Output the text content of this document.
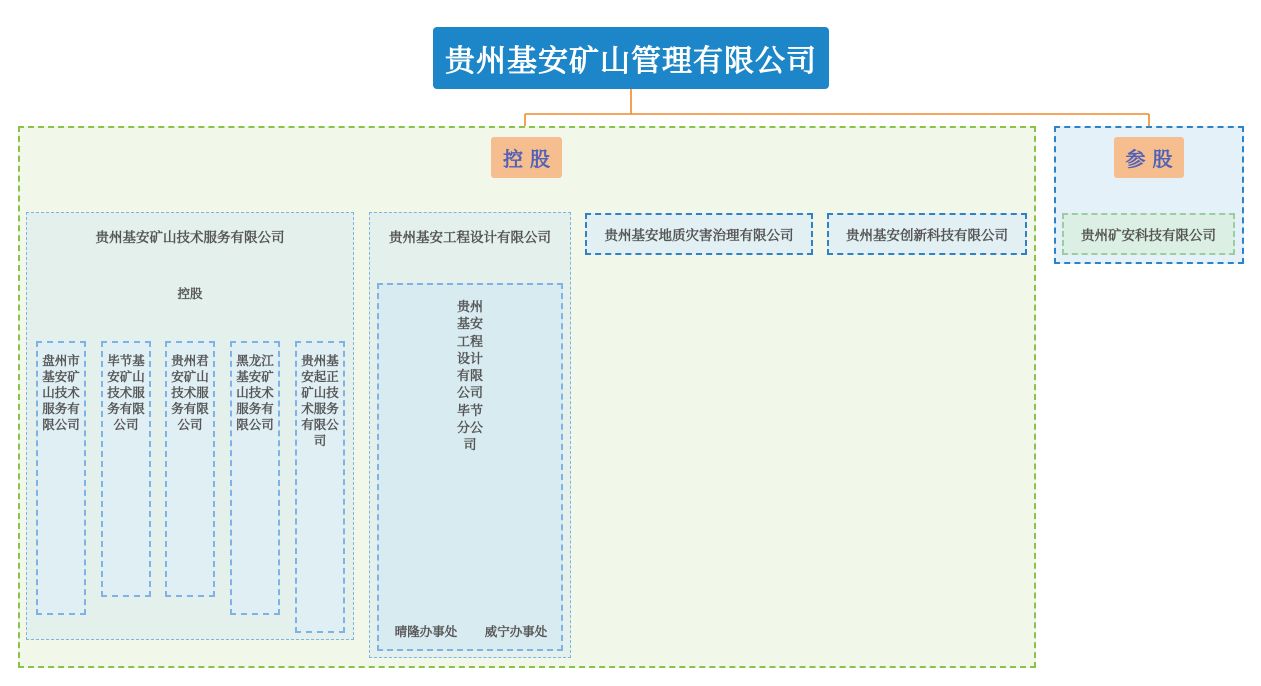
贵州基安矿山管理有限公司
控 股
贵州基安矿山技术服务有限公司
控股
盘州市基安矿山技术服务有限公司
毕节基安矿山技术服务有限公司
贵州君安矿山技术服务有限公司
黑龙江基安矿山技术服务有限公司
贵州基安起正矿山技术服务有限公司
贵州基安工程设计有限公司
贵州基安工程设计有限公司毕节分公司
晴隆办事处	威宁办事处
贵州基安地质灾害治理有限公司	贵州基安创新科技有限公司
参 股
贵州矿安科技有限公司
